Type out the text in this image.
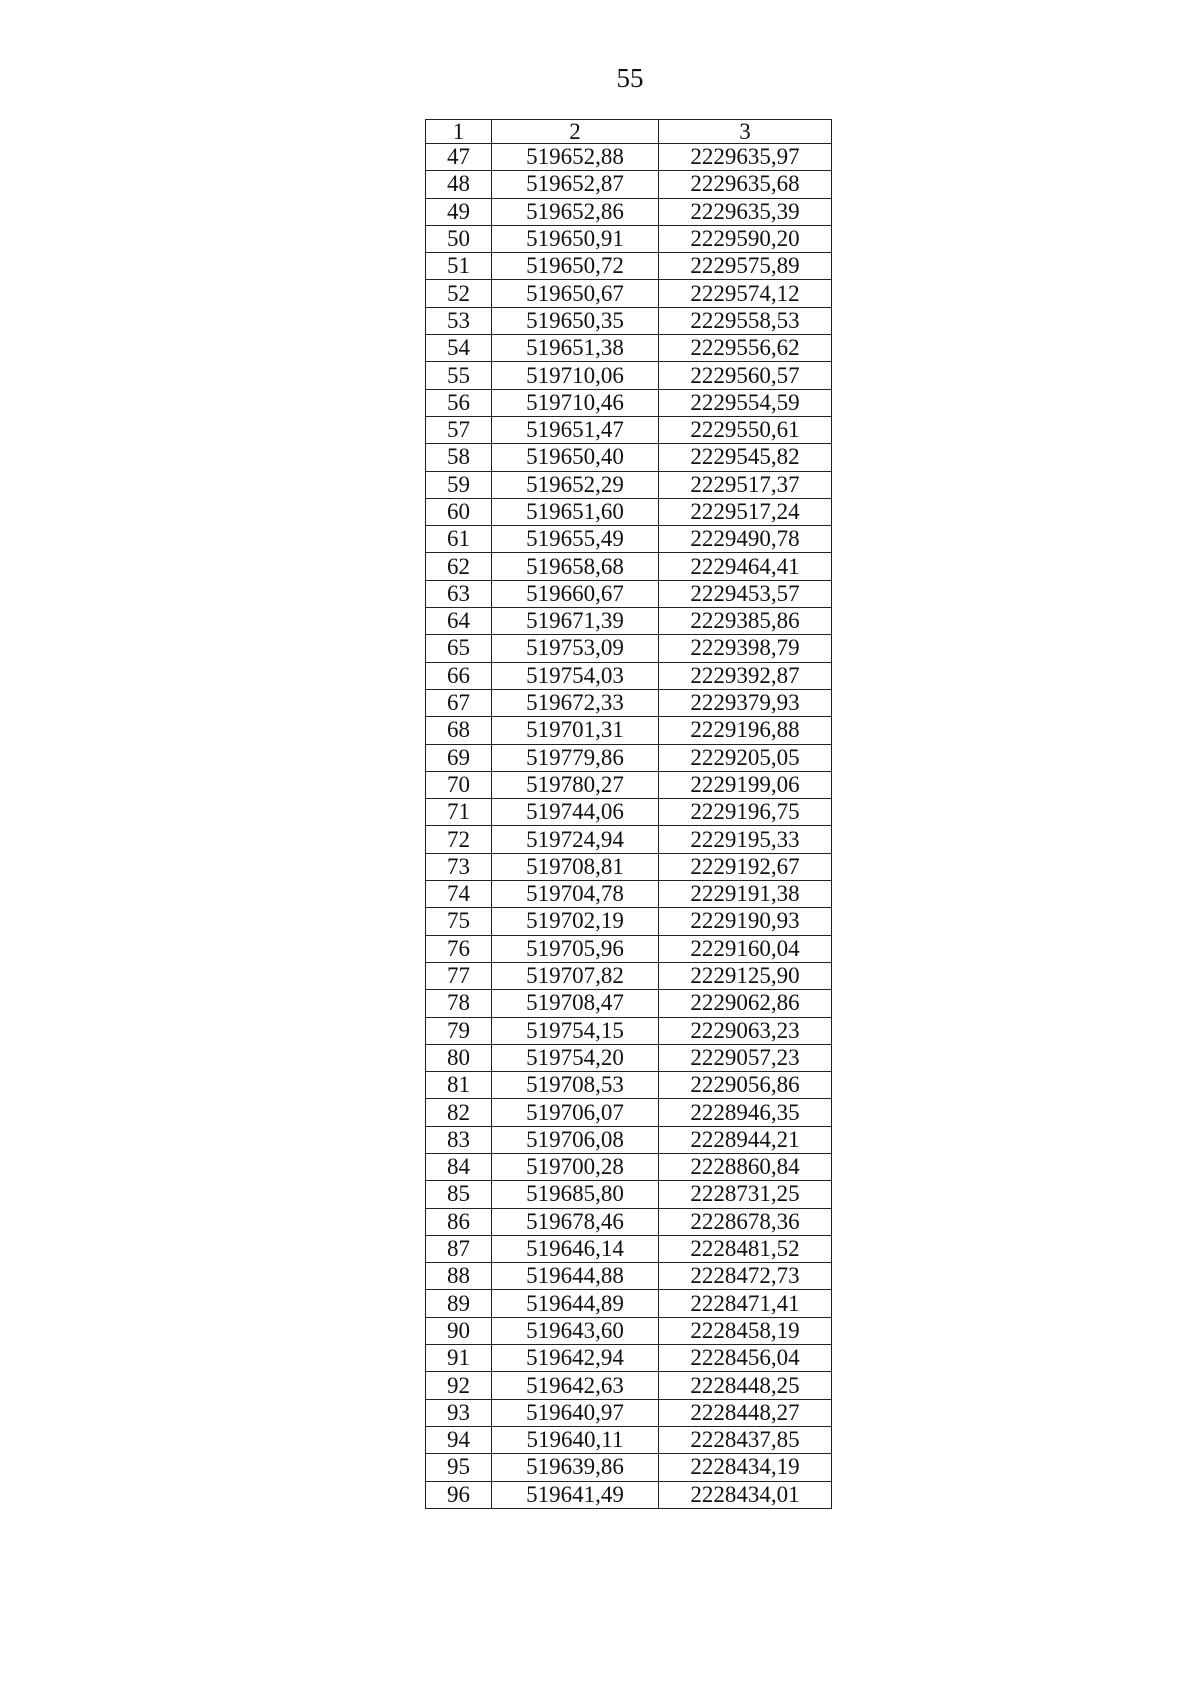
55
1	2	3
47	519652,88	2229635,97
48	519652,87	2229635,68
49	519652,86	2229635,39
50	519650,91	2229590,20
51	519650,72	2229575,89
52	519650,67	2229574,12
53	519650,35	2229558,53
54	519651,38	2229556,62
55	519710,06	2229560,57
56	519710,46	2229554,59
57	519651,47	2229550,61
58	519650,40	2229545,82
59	519652,29	2229517,37
60	519651,60	2229517,24
61	519655,49	2229490,78
62	519658,68	2229464,41
63	519660,67	2229453,57
64	519671,39	2229385,86
65	519753,09	2229398,79
66	519754,03	2229392,87
67	519672,33	2229379,93
68	519701,31	2229196,88
69	519779,86	2229205,05
70	519780,27	2229199,06
71	519744,06	2229196,75
72	519724,94	2229195,33
73	519708,81	2229192,67
74	519704,78	2229191,38
75	519702,19	2229190,93
76	519705,96	2229160,04
77	519707,82	2229125,90
78	519708,47	2229062,86
79	519754,15	2229063,23
80	519754,20	2229057,23
81	519708,53	2229056,86
82	519706,07	2228946,35
83	519706,08	2228944,21
84	519700,28	2228860,84
85	519685,80	2228731,25
86	519678,46	2228678,36
87	519646,14	2228481,52
88	519644,88	2228472,73
89	519644,89	2228471,41
90	519643,60	2228458,19
91	519642,94	2228456,04
92	519642,63	2228448,25
93	519640,97	2228448,27
94	519640,11	2228437,85
95	519639,86	2228434,19
96	519641,49	2228434,01
